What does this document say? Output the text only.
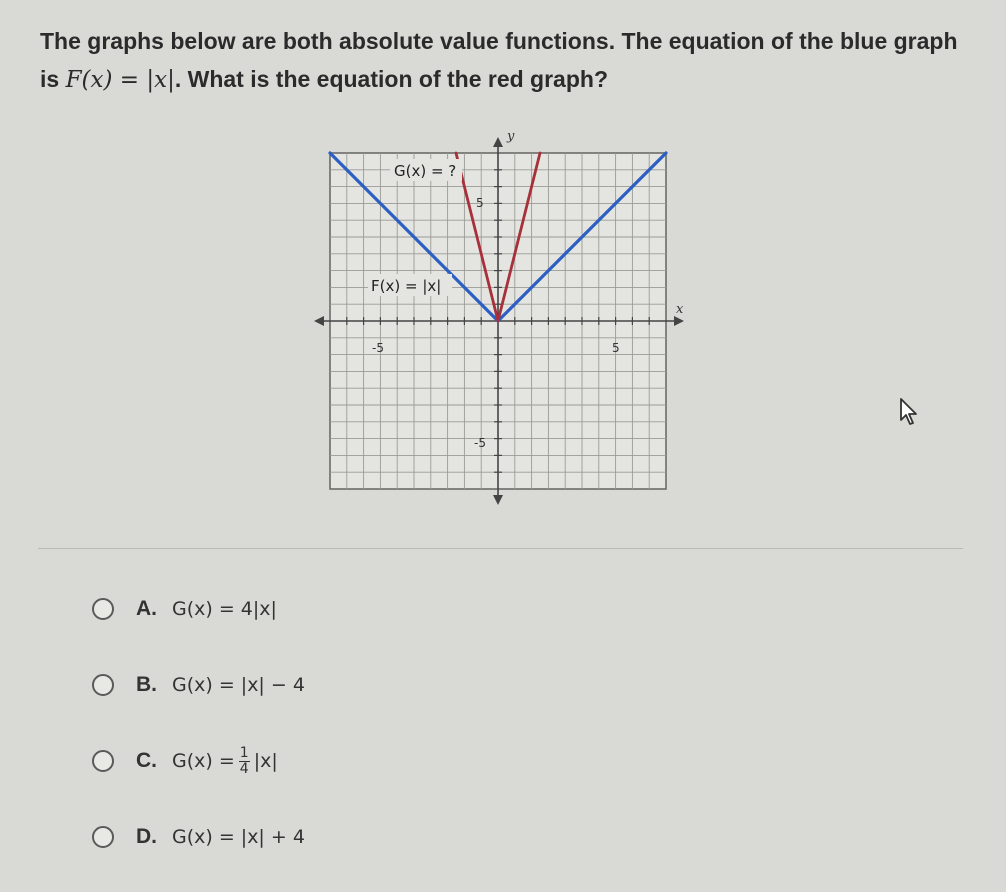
The graphs below are both absolute value functions. The equation of the blue graph is F(x) = |x|. What is the equation of the red graph?
y
x
-5	5
5
-5
G(x) = ?
F(x) = |x|
A. G(x) = 4|x|
B. G(x) = |x| − 4
C. $G(x) = \frac{1}{4} |x|$
D. G(x) = |x| + 4
